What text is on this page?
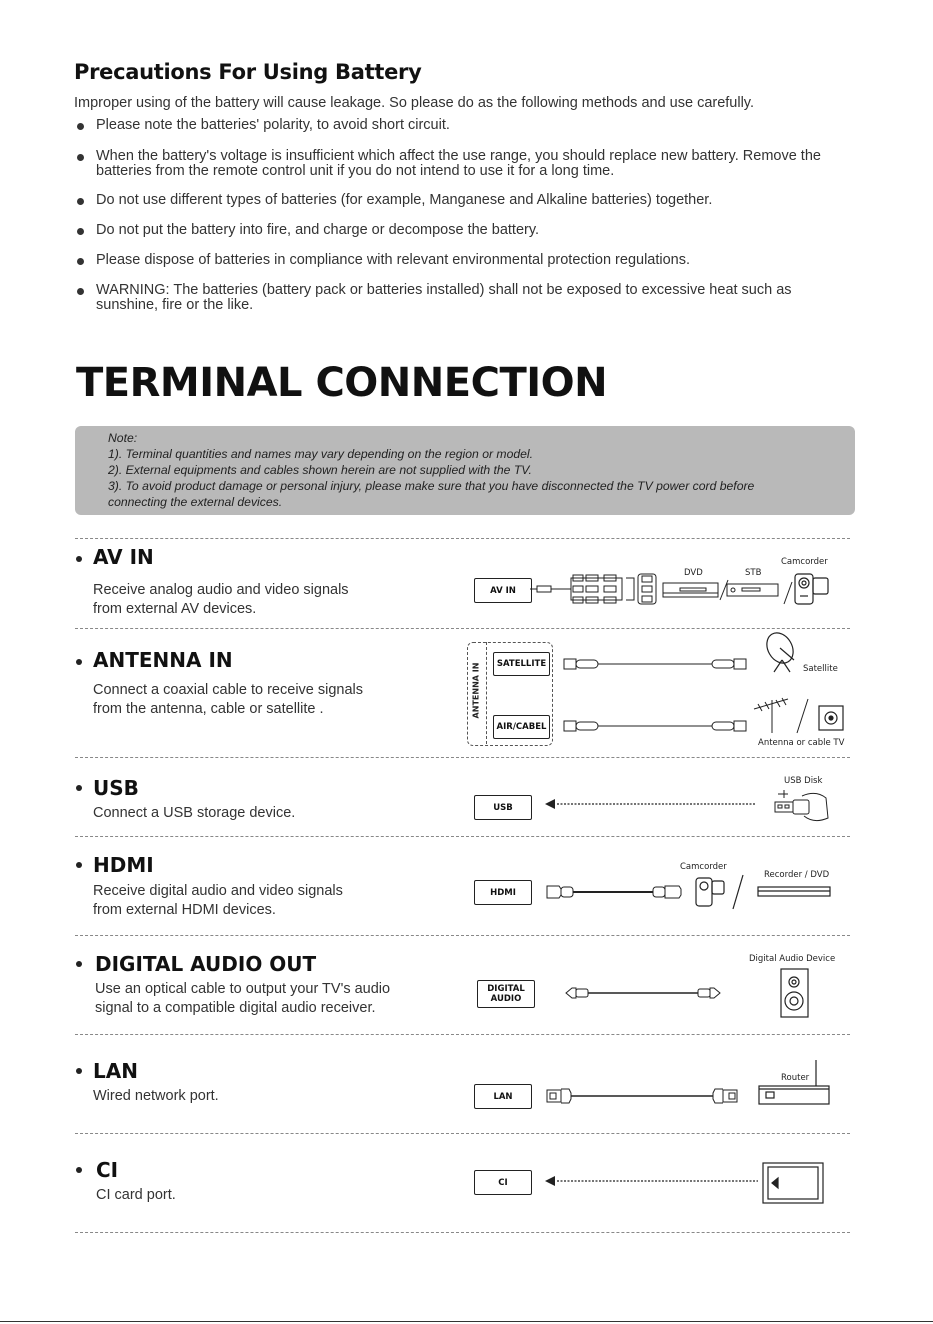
Precautions For Using Battery
Improper using of the battery will cause leakage. So please do as the following methods and use carefully.
Please note the batteries' polarity, to avoid short circuit.
When the battery's voltage is insufficient which affect the use range, you should replace new battery. Remove the batteries from the remote control unit if you do not intend to use it for a long time.
Do not use different types of batteries (for example, Manganese and Alkaline batteries) together.
Do not put the battery into fire, and charge or decompose the battery.
Please dispose of batteries in compliance with relevant environmental protection regulations.
WARNING: The batteries (battery pack or batteries installed) shall not be exposed to excessive heat such as sunshine, fire or the like.
TERMINAL CONNECTION
Note:
1). Terminal quantities and names may vary depending on the region or model.
2). External equipments and cables shown herein are not supplied with the TV.
3). To avoid product damage or personal injury, please make sure that you have disconnected the TV power cord before
connecting the external devices.
AV IN
Receive analog audio and video signals
from external AV devices.
AV IN
DVD	STB
Camcorder
ANTENNA IN
Connect a coaxial cable to receive signals
from the antenna, cable or satellite .	ANTENNA IN	SATELLITE
AIR/CABEL
Satellite
Antenna or cable TV
USB
Connect a USB storage device.	USB
USB Disk
HDMI
Receive digital audio and video signals
from external HDMI devices.
HDMI
Camcorder
Recorder / DVD
DIGITAL AUDIO OUT
Use an optical cable to output your TV's audio
signal to a compatible digital audio receiver.
DIGITAL
AUDIO
Digital Audio Device
LAN
Wired network port.	LAN
Router
CI
CI card port.
CI
